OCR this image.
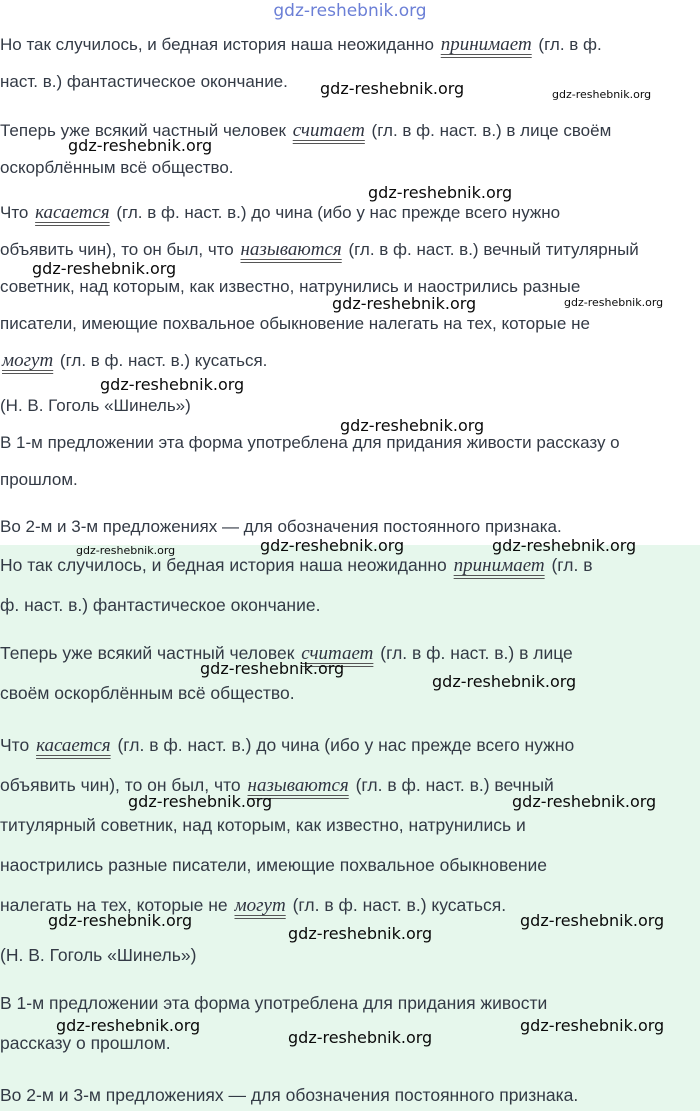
gdz-reshebnik.org
Но так случилось, и бедная история наша неожиданно принимает (гл. в ф.
наст. в.) фантастическое окончание.
Теперь уже всякий частный человек считает (гл. в ф. наст. в.) в лице своём
оскорблённым всё общество.
Что касается (гл. в ф. наст. в.) до чина (ибо у нас прежде всего нужно
объявить чин), то он был, что называются (гл. в ф. наст. в.) вечный титулярный
советник, над которым, как известно, натрунились и наострились разные
писатели, имеющие похвальное обыкновение налегать на тех, которые не
могут (гл. в ф. наст. в.) кусаться.
(Н. В. Гоголь «Шинель»)
В 1-м предложении эта форма употреблена для придания живости рассказу о
прошлом.
Во 2-м и 3-м предложениях — для обозначения постоянного признака.
Но так случилось, и бедная история наша неожиданно принимает (гл. в
ф. наст. в.) фантастическое окончание.
Теперь уже всякий частный человек считает (гл. в ф. наст. в.) в лице
своём оскорблённым всё общество.
Что касается (гл. в ф. наст. в.) до чина (ибо у нас прежде всего нужно
объявить чин), то он был, что называются (гл. в ф. наст. в.) вечный
титулярный советник, над которым, как известно, натрунились и
наострились разные писатели, имеющие похвальное обыкновение
налегать на тех, которые не могут (гл. в ф. наст. в.) кусаться.
(Н. В. Гоголь «Шинель»)
В 1-м предложении эта форма употреблена для придания живости
рассказу о прошлом.
Во 2-м и 3-м предложениях — для обозначения постоянного признака.
gdz-reshebnik.org	gdz-reshebnik.org
gdz-reshebnik.org
gdz-reshebnik.org
gdz-reshebnik.org
gdz-reshebnik.org	gdz-reshebnik.org
gdz-reshebnik.org
gdz-reshebnik.org
gdz-reshebnik.org	gdz-reshebnik.org	gdz-reshebnik.org
gdz-reshebnik.org
gdz-reshebnik.org
gdz-reshebnik.org	gdz-reshebnik.org
gdz-reshebnik.org	gdz-reshebnik.org
gdz-reshebnik.org
gdz-reshebnik.org	gdz-reshebnik.org
gdz-reshebnik.org
